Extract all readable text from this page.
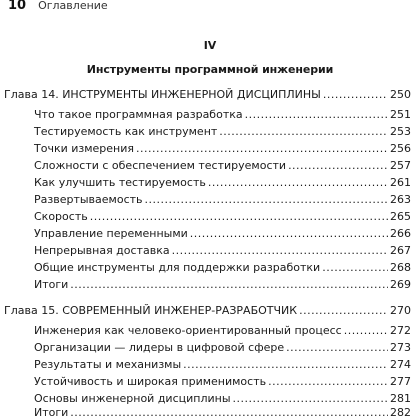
10 Оглавление
IV
Инструменты программной инженерии
Глава 14. ИНСТРУМЕНТЫ ИНЖЕНЕРНОЙ ДИСЦИПЛИНЫ .....	250
Что такое программная разработка .....	251
Тестируемость как инструмент .....	253
Точки измерения .....	256
Сложности с обеспечением тестируемости .....	257
Как улучшить тестируемость .....	261
Развертываемость .....	263
Скорость .....	265
Управление переменными .....	266
Непрерывная доставка .....	267
Общие инструменты для поддержки разработки .....	268
Итоги .....	269
Глава 15. СОВРЕМЕННЫЙ ИНЖЕНЕР-РАЗРАБОТЧИК .....	270
Инженерия как человеко-ориентированный процесс .....	272
Организации — лидеры в цифровой сфере .....	273
Результаты и механизмы .....	274
Устойчивость и широкая применимость .....	277
Основы инженерной дисциплины .....	281
Итоги .....	282
